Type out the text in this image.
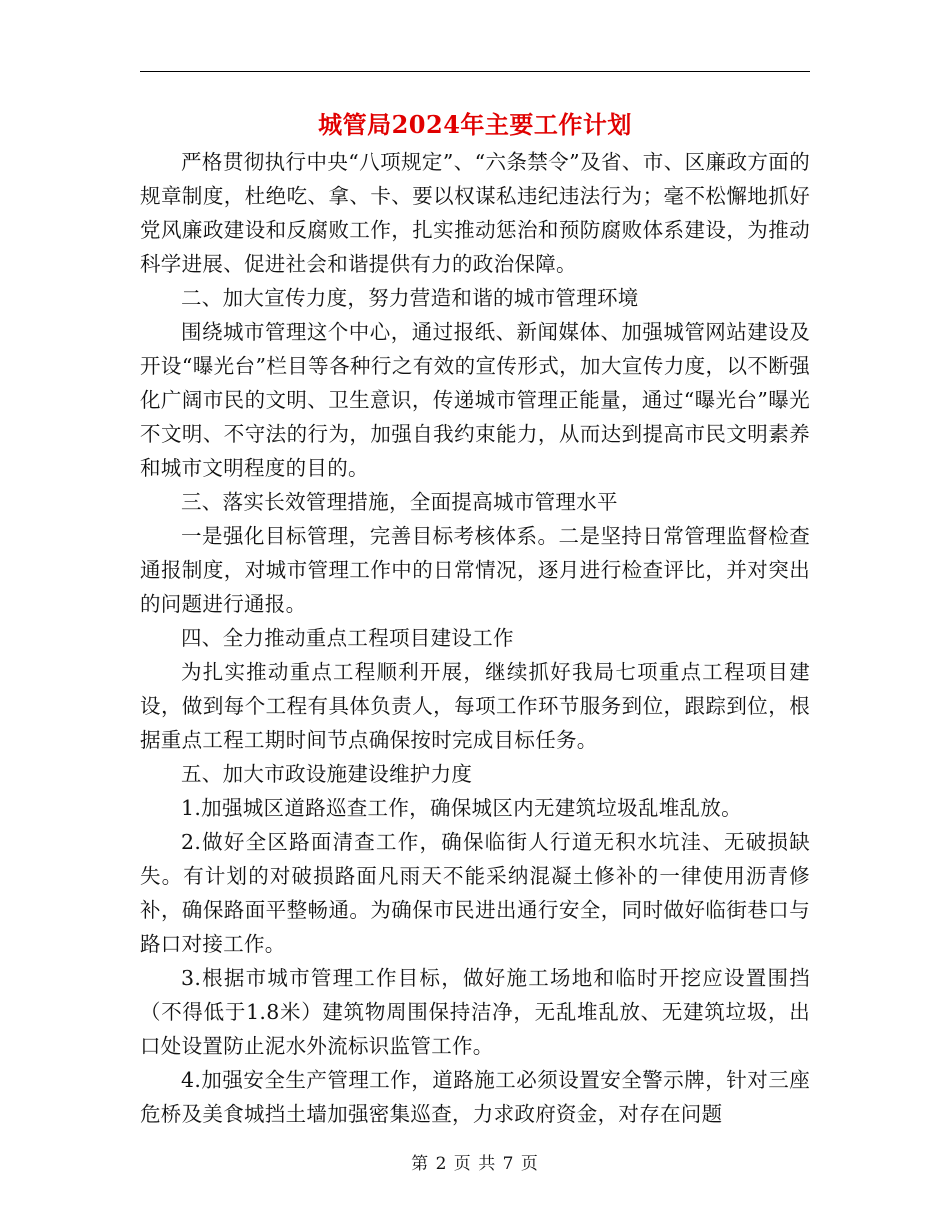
城管局2024年主要工作计划

严格贯彻执行中央“八项规定”、“六条禁令”及省、市、区廉政方面的规章制度，杜绝吃、拿、卡、要以权谋私违纪违法行为；毫不松懈地抓好党风廉政建设和反腐败工作，扎实推动惩治和预防腐败体系建设，为推动科学进展、促进社会和谐提供有力的政治保障。

二、加大宣传力度，努力营造和谐的城市管理环境

围绕城市管理这个中心，通过报纸、新闻媒体、加强城管网站建设及开设“曝光台”栏目等各种行之有效的宣传形式，加大宣传力度，以不断强化广阔市民的文明、卫生意识，传递城市管理正能量，通过“曝光台”曝光不文明、不守法的行为，加强自我约束能力，从而达到提高市民文明素养和城市文明程度的目的。

三、落实长效管理措施，全面提高城市管理水平

一是强化目标管理，完善目标考核体系。二是坚持日常管理监督检查通报制度，对城市管理工作中的日常情况，逐月进行检查评比，并对突出的问题进行通报。

四、全力推动重点工程项目建设工作

为扎实推动重点工程顺利开展，继续抓好我局七项重点工程项目建设，做到每个工程有具体负责人，每项工作环节服务到位，跟踪到位，根据重点工程工期时间节点确保按时完成目标任务。

五、加大市政设施建设维护力度

1.加强城区道路巡查工作，确保城区内无建筑垃圾乱堆乱放。

2.做好全区路面清查工作，确保临街人行道无积水坑洼、无破损缺失。有计划的对破损路面凡雨天不能采纳混凝土修补的一律使用沥青修补，确保路面平整畅通。为确保市民进出通行安全，同时做好临街巷口与路口对接工作。

3.根据市城市管理工作目标，做好施工场地和临时开挖应设置围挡（不得低于1.8米）建筑物周围保持洁净，无乱堆乱放、无建筑垃圾，出口处设置防止泥水外流标识监管工作。

4.加强安全生产管理工作，道路施工必须设置安全警示牌，针对三座危桥及美食城挡土墙加强密集巡查，力求政府资金，对存在问题

第 2 页 共 7 页
